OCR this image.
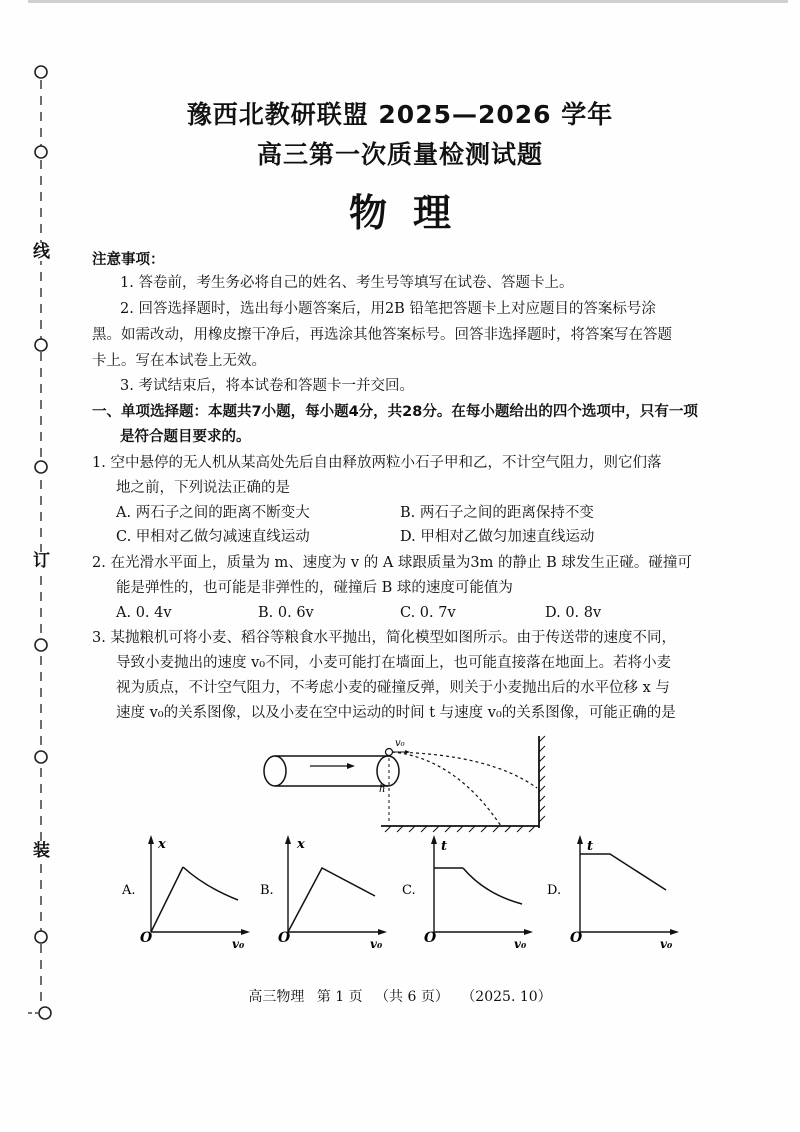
线
订
装
豫西北教研联盟 2025—2026 学年
高三第一次质量检测试题
物理
注意事项：
1. 答卷前，考生务必将自己的姓名、考生号等填写在试卷、答题卡上。
2. 回答选择题时，选出每小题答案后，用2B 铅笔把答题卡上对应题目的答案标号涂
黑。如需改动，用橡皮擦干净后，再选涂其他答案标号。回答非选择题时，将答案写在答题
卡上。写在本试卷上无效。
3. 考试结束后，将本试卷和答题卡一并交回。
一、单项选择题：本题共7小题，每小题4分，共28分。在每小题给出的四个选项中，只有一项
是符合题目要求的。
1. 空中悬停的无人机从某高处先后自由释放两粒小石子甲和乙，不计空气阻力，则它们落
地之前，下列说法正确的是
A. 两石子之间的距离不断变大	B. 两石子之间的距离保持不变
C. 甲相对乙做匀减速直线运动	D. 甲相对乙做匀加速直线运动
2. 在光滑水平面上，质量为 m、速度为 v 的 A 球跟质量为3m 的静止 B 球发生正碰。碰撞可
能是弹性的，也可能是非弹性的，碰撞后 B 球的速度可能值为
A. 0. 4v	B. 0. 6v	C. 0. 7v	D. 0. 8v
3. 某抛粮机可将小麦、稻谷等粮食水平抛出，简化模型如图所示。由于传送带的速度不同，
导致小麦抛出的速度 v₀不同，小麦可能打在墙面上，也可能直接落在地面上。若将小麦
视为质点，不计空气阻力，不考虑小麦的碰撞反弹，则关于小麦抛出后的水平位移 x 与
速度 v₀的关系图像，以及小麦在空中运动的时间 t 与速度 v₀的关系图像，可能正确的是
v₀
h
A.
x
O	v₀
B.
x
O	v₀
C.
t
O	v₀
D.
t
O	v₀
高三物理 第 1 页 （共 6 页） （2025. 10）
